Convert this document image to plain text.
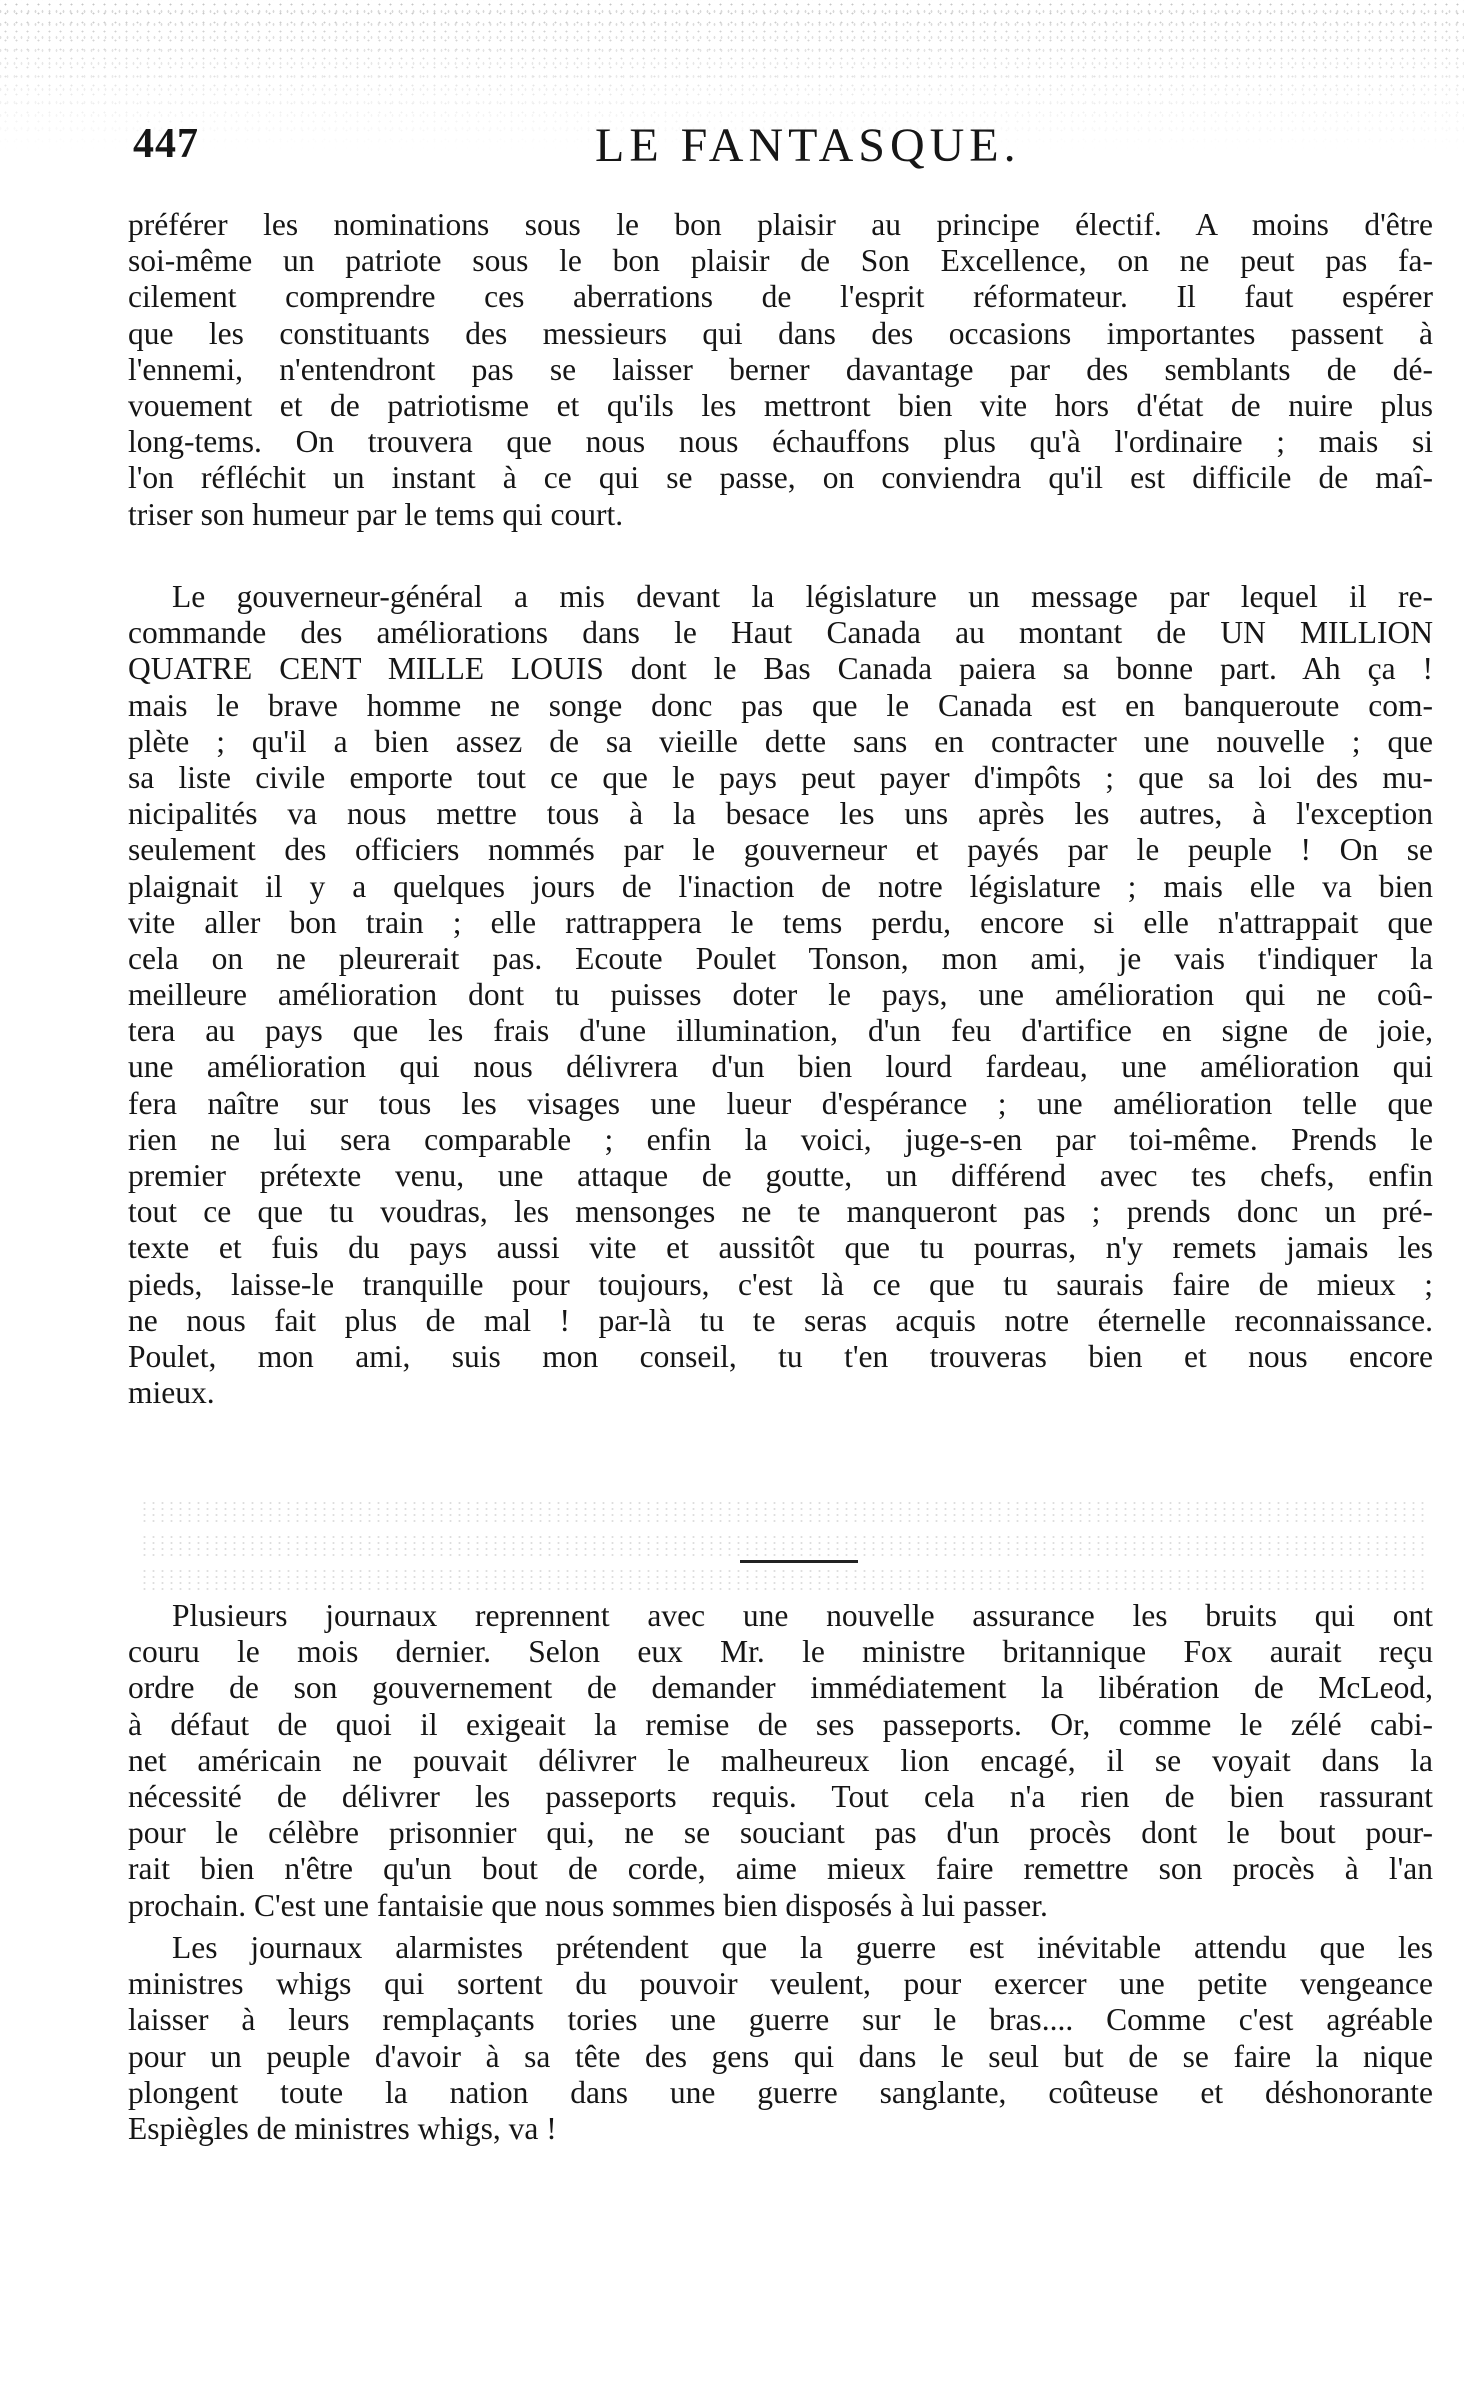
447	LE FANTASQUE.
préférer les nominations sous le bon plaisir au principe électif. A moins d'être
soi-même un patriote sous le bon plaisir de Son Excellence, on ne peut pas fa-
cilement comprendre ces aberrations de l'esprit réformateur. Il faut espérer
que les constituants des messieurs qui dans des occasions importantes passent à
l'ennemi, n'entendront pas se laisser berner davantage par des semblants de dé-
vouement et de patriotisme et qu'ils les mettront bien vite hors d'état de nuire plus
long-tems. On trouvera que nous nous échauffons plus qu'à l'ordinaire ; mais si
l'on réfléchit un instant à ce qui se passe, on conviendra qu'il est difficile de maî-
triser son humeur par le tems qui court.
Le gouverneur-général a mis devant la législature un message par lequel il re-
commande des améliorations dans le Haut Canada au montant de UN MILLION
QUATRE CENT MILLE LOUIS dont le Bas Canada paiera sa bonne part. Ah ça !
mais le brave homme ne songe donc pas que le Canada est en banqueroute com-
plète ; qu'il a bien assez de sa vieille dette sans en contracter une nouvelle ; que
sa liste civile emporte tout ce que le pays peut payer d'impôts ; que sa loi des mu-
nicipalités va nous mettre tous à la besace les uns après les autres, à l'exception
seulement des officiers nommés par le gouverneur et payés par le peuple ! On se
plaignait il y a quelques jours de l'inaction de notre législature ; mais elle va bien
vite aller bon train ; elle rattrappera le tems perdu, encore si elle n'attrappait que
cela on ne pleurerait pas. Ecoute Poulet Tonson, mon ami, je vais t'indiquer la
meilleure amélioration dont tu puisses doter le pays, une amélioration qui ne coû-
tera au pays que les frais d'une illumination, d'un feu d'artifice en signe de joie,
une amélioration qui nous délivrera d'un bien lourd fardeau, une amélioration qui
fera naître sur tous les visages une lueur d'espérance ; une amélioration telle que
rien ne lui sera comparable ; enfin la voici, juge-s-en par toi-même. Prends le
premier prétexte venu, une attaque de goutte, un différend avec tes chefs, enfin
tout ce que tu voudras, les mensonges ne te manqueront pas ; prends donc un pré-
texte et fuis du pays aussi vite et aussitôt que tu pourras, n'y remets jamais les
pieds, laisse-le tranquille pour toujours, c'est là ce que tu saurais faire de mieux ;
ne nous fait plus de mal ! par-là tu te seras acquis notre éternelle reconnaissance.
Poulet, mon ami, suis mon conseil, tu t'en trouveras bien et nous encore
mieux.
Plusieurs journaux reprennent avec une nouvelle assurance les bruits qui ont
couru le mois dernier. Selon eux Mr. le ministre britannique Fox aurait reçu
ordre de son gouvernement de demander immédiatement la libération de McLeod,
à défaut de quoi il exigeait la remise de ses passeports. Or, comme le zélé cabi-
net américain ne pouvait délivrer le malheureux lion encagé, il se voyait dans la
nécessité de délivrer les passeports requis. Tout cela n'a rien de bien rassurant
pour le célèbre prisonnier qui, ne se souciant pas d'un procès dont le bout pour-
rait bien n'être qu'un bout de corde, aime mieux faire remettre son procès à l'an
prochain. C'est une fantaisie que nous sommes bien disposés à lui passer.
Les journaux alarmistes prétendent que la guerre est inévitable attendu que les
ministres whigs qui sortent du pouvoir veulent, pour exercer une petite vengeance
laisser à leurs remplaçants tories une guerre sur le bras.... Comme c'est agréable
pour un peuple d'avoir à sa tête des gens qui dans le seul but de se faire la nique
plongent toute la nation dans une guerre sanglante, coûteuse et déshonorante
Espiègles de ministres whigs, va !
